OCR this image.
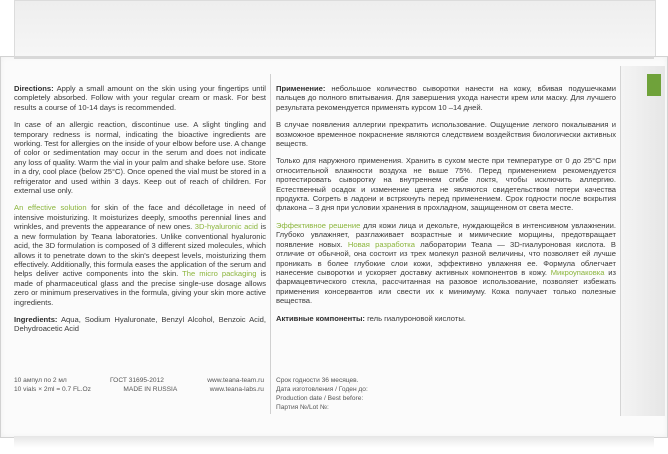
Directions: Apply a small amount on the skin using your fingertips until completely absorbed. Follow with your regular cream or mask. For best results a course of 10-14 days is recommended.

In case of an allergic reaction, discontinue use. A slight tingling and temporary redness is normal, indicating the bioactive ingredients are working. Test for allergies on the inside of your elbow before use. A change of color or sedimentation may occur in the serum and does not indicate any loss of quality. Warm the vial in your palm and shake before use. Store in a dry, cool place (below 25°C). Once opened the vial must be stored in a refrigerator and used within 3 days. Keep out of reach of children. For external use only.

An effective solution for skin of the face and décolletage in need of intensive moisturizing. It moisturizes deeply, smooths perennial lines and wrinkles, and prevents the appearance of new ones. 3D-hyaluronic acid is a new formulation by Teana laboratories. Unlike conventional hyaluronic acid, the 3D formulation is composed of 3 different sized molecules, which allows it to penetrate down to the skin's deepest levels, moisturizing them effectively. Additionally, this formula eases the application of the serum and helps deliver active components into the skin. The micro packaging is made of pharmaceutical glass and the precise single-use dosage allows zero or minimum preservatives in the formula, giving your skin more active ingredients.

Ingredients: Aqua, Sodium Hyaluronate, Benzyl Alcohol, Benzoic Acid, Dehydroacetic Acid

Применение: небольшое количество сыворотки нанести на кожу, вбивая подушечками пальцев до полного впитывания. Для завершения ухода нанести крем или маску. Для лучшего результата рекомендуется применять курсом 10 –14 дней.

В случае появления аллергии прекратить использование. Ощущение легкого покалывания и возможное временное покраснение являются следствием воздействия биологически активных веществ.

Только для наружного применения. Хранить в сухом месте при температуре от 0 до 25°С при относительной влажности воздуха не выше 75%. Перед применением рекомендуется протестировать сыворотку на внутреннем сгибе локтя, чтобы исключить аллергию. Естественный осадок и изменение цвета не являются свидетельством потери качества продукта. Согреть в ладони и встряхнуть перед применением. Срок годности после вскрытия флакона – 3 дня при условии хранения в прохладном, защищенном от света месте.

Эффективное решение для кожи лица и декольте, нуждающейся в интенсивном увлажнении. Глубоко увлажняет, разглаживает возрастные и мимические морщины, предотвращает появление новых. Новая разработка лаборатории Teana — 3D-гиалуроновая кислота. В отличие от обычной, она состоит из трех молекул разной величины, что позволяет ей лучше проникать в более глубокие слои кожи, эффективно увлажняя ее. Формула облегчает нанесение сыворотки и ускоряет доставку активных компонентов в кожу. Микроупаковка из фармацевтического стекла, рассчитанная на разовое использование, позволяет избежать применения консервантов или свести их к минимуму. Кожа получает только полезные вещества.

Активные компоненты: гель гиалуроновой кислоты.

10 ампул по 2 мл	ГОСТ 31695-2012	www.teana-team.ru
10 vials × 2ml = 0.7 FL.Oz	MADE IN RUSSIA	www.teana-labs.ru
Срок годности 36 месяцев.
Дата изготовления / Годен до:
Production date / Best before:
Партия №/Lot №:
